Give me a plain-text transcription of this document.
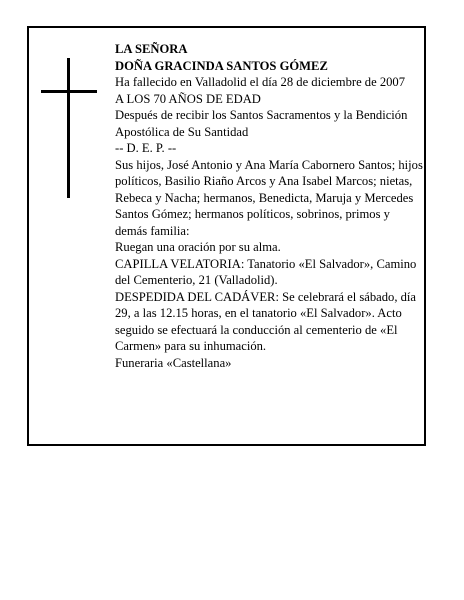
LA SEÑORA

DOÑA GRACINDA SANTOS GÓMEZ

Ha fallecido en Valladolid el día 28 de diciembre de 2007

A LOS 70 AÑOS DE EDAD

Después de recibir los Santos Sacramentos y la Bendición Apostólica de Su Santidad

-- D. E. P. --

Sus hijos, José Antonio y Ana María Cabornero Santos; hijos políticos, Basilio Riaño Arcos y Ana Isabel Marcos; nietas, Rebeca y Nacha; hermanos, Benedicta, Maruja y Mercedes Santos Gómez; hermanos políticos, sobrinos, primos y demás familia:

Ruegan una oración por su alma.

CAPILLA VELATORIA: Tanatorio «El Salvador», Camino del Cementerio, 21 (Valladolid).

DESPEDIDA DEL CADÁVER: Se celebrará el sábado, día 29, a las 12.15 horas, en el tanatorio «El Salvador». Acto seguido se efectuará la conducción al cementerio de «El Carmen» para su inhumación.

Funeraria «Castellana»
